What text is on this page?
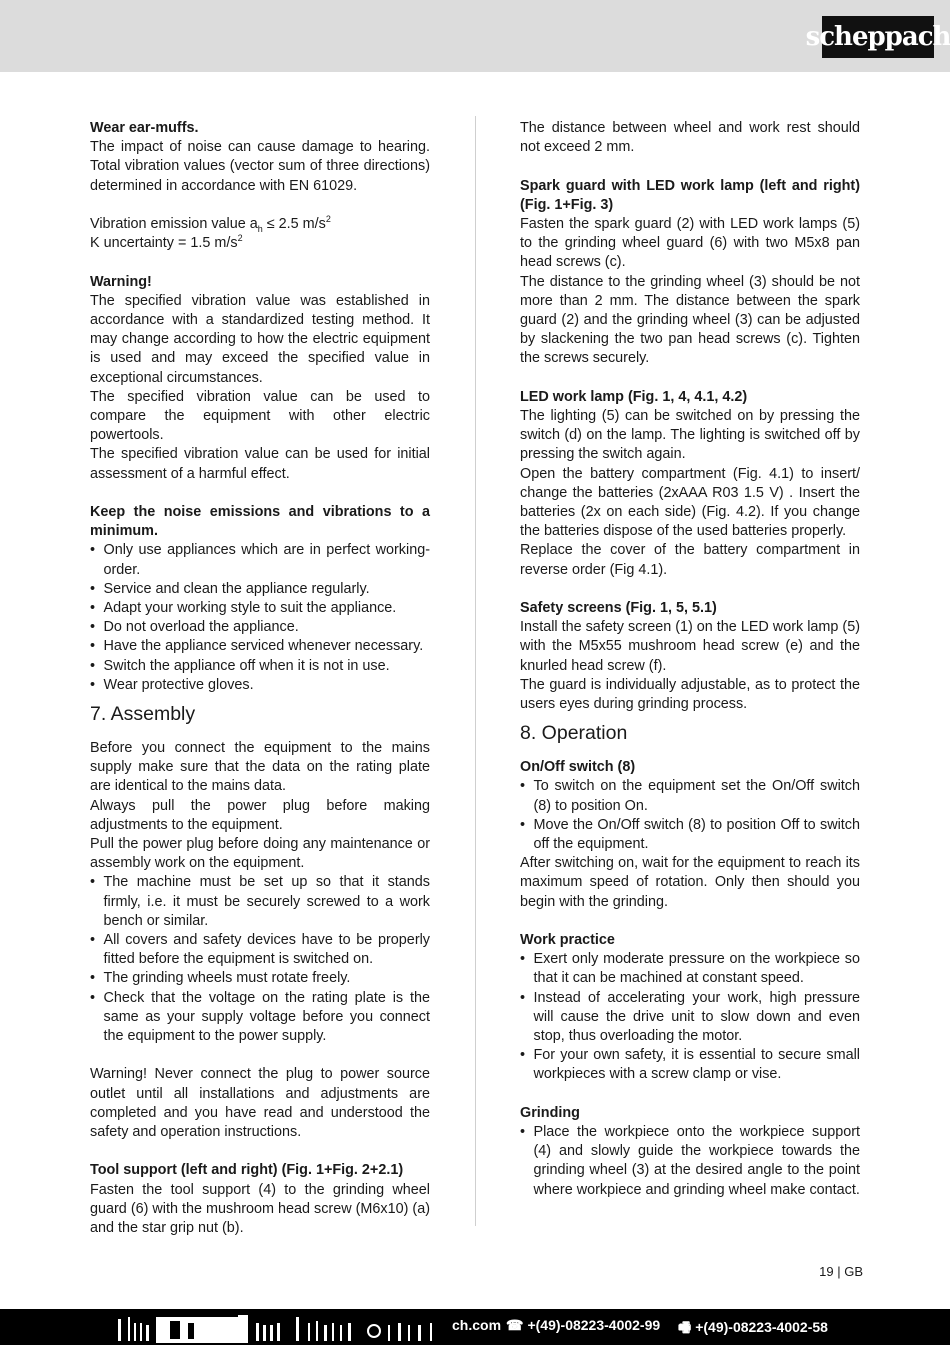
scheppach

Wear ear-muffs.

The impact of noise can cause damage to hearing. Total vibration values (vector sum of three directions) determined in accordance with EN 61029.

Vibration emission value $a_h \le 2.5$ $m/s^2$

K uncertainty = 1.5 $m/s^2$

Warning!

The specified vibration value was established in accordance with a standardized testing method. It may change according to how the electric equipment is used and may exceed the specified value in exceptional circumstances.

The specified vibration value can be used to compare the equipment with other electric powertools.

The specified vibration value can be used for initial assessment of a harmful effect.

Keep the noise emissions and vibrations to a minimum.

• Only use appliances which are in perfect working-order.
• Service and clean the appliance regularly.
• Adapt your working style to suit the appliance.
• Do not overload the appliance.
• Have the appliance serviced whenever necessary.
• Switch the appliance off when it is not in use.
• Wear protective gloves.
7. Assembly

Before you connect the equipment to the mains supply make sure that the data on the rating plate are identical to the mains data.

Always pull the power plug before making adjustments to the equipment.

Pull the power plug before doing any maintenance or assembly work on the equipment.

• The machine must be set up so that it stands firmly, i.e. it must be securely screwed to a work bench or similar.
• All covers and safety devices have to be properly fitted before the equipment is switched on.
• The grinding wheels must rotate freely.
• Check that the voltage on the rating plate is the same as your supply voltage before you connect the equipment to the power supply.

Warning! Never connect the plug to power source outlet until all installations and adjustments are completed and you have read and understood the safety and operation instructions.

Tool support (left and right) (Fig. 1+Fig. 2+2.1)

Fasten the tool support (4) to the grinding wheel guard (6) with the mushroom head screw (M6x10) (a) and the star grip nut (b).

The distance between wheel and work rest should not exceed 2 mm.

Spark guard with LED work lamp (left and right) (Fig. 1+Fig. 3)

Fasten the spark guard (2) with LED work lamps (5) to the grinding wheel guard (6) with two M5x8 pan head screws (c).

The distance to the grinding wheel (3) should be not more than 2 mm. The distance between the spark guard (2) and the grinding wheel (3) can be adjusted by slackening the two pan head screws (c). Tighten the screws securely.

LED work lamp (Fig. 1, 4, 4.1, 4.2)

The lighting (5) can be switched on by pressing the switch (d) on the lamp. The lighting is switched off by pressing the switch again.

Open the battery compartment (Fig. 4.1) to insert/ change the batteries (2xAAA R03 1.5 V) . Insert the batteries (2x on each side) (Fig. 4.2). If you change the batteries dispose of the used batteries properly.

Replace the cover of the battery compartment in reverse order (Fig 4.1).

Safety screens (Fig. 1, 5, 5.1)

Install the safety screen (1) on the LED work lamp (5) with the M5x55 mushroom head screw (e) and the knurled head screw (f).

The guard is individually adjustable, as to protect the users eyes during grinding process.

8. Operation

On/Off switch (8)

• To switch on the equipment set the On/Off switch (8) to position On.
• Move the On/Off switch (8) to position Off to switch off the equipment.

After switching on, wait for the equipment to reach its maximum speed of rotation. Only then should you begin with the grinding.

Work practice

• Exert only moderate pressure on the workpiece so that it can be machined at constant speed.
• Instead of accelerating your work, high pressure will cause the drive unit to slow down and even stop, thus overloading the motor.
• For your own safety, it is essential to secure small workpieces with a screw clamp or vise.

Grinding

• Place the workpiece onto the workpiece support (4) and slowly guide the workpiece towards the grinding wheel (3) at the desired angle to the point where workpiece and grinding wheel make contact.
19 | GB
ch.com ☎ +(49)-08223-4002-99 🖷 +(49)-08223-4002-58
